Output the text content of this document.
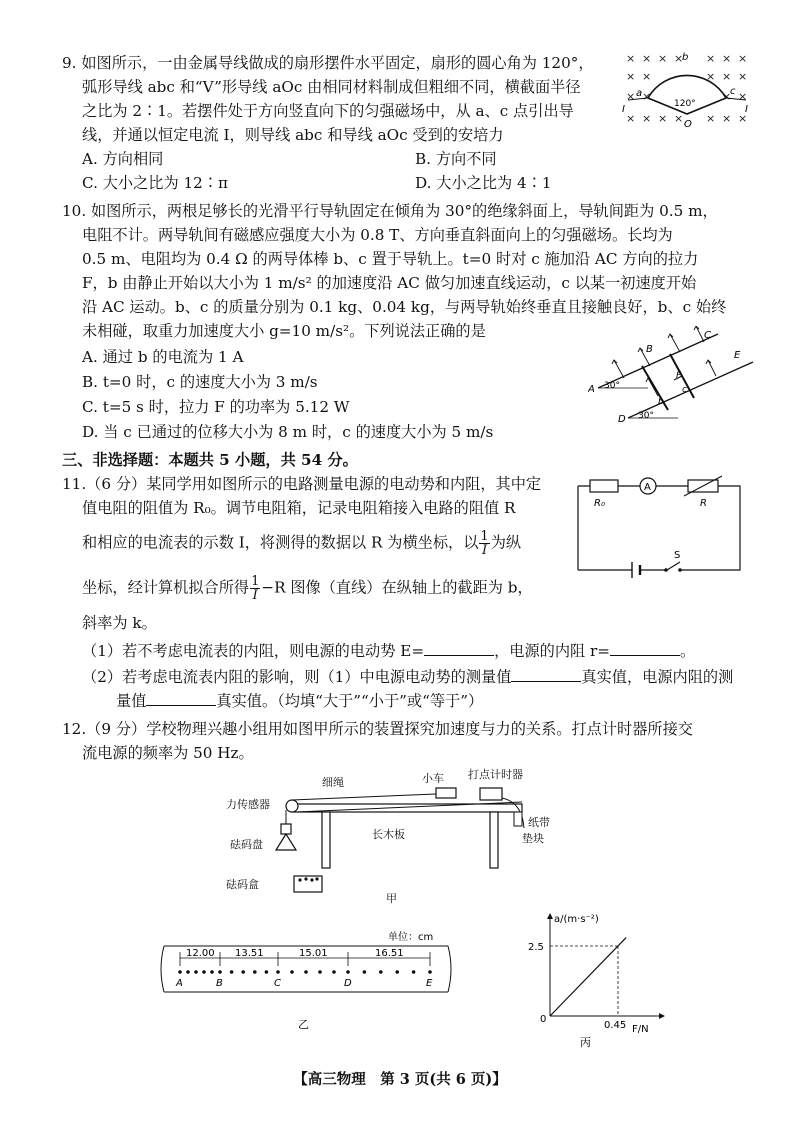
9. 如图所示，一由金属导线做成的扇形摆件水平固定，扇形的圆心角为 120°，
弧形导线 abc 和“V”形导线 aOc 由相同材料制成但粗细不同，横截面半径
之比为 2∶1。若摆件处于方向竖直向下的匀强磁场中，从 a、c 点引出导
线，并通以恒定电流 I，则导线 abc 和导线 aOc 受到的安培力
A. 方向相同	B. 方向不同
C. 大小之比为 12∶π	D. 大小之比为 4∶1
× × × × × × ×
× ×	× × ×
× ×	× ×
× × × × × × ×
a
b
c
O
120°
I	I
10. 如图所示，两根足够长的光滑平行导轨固定在倾角为 30°的绝缘斜面上，导轨间距为 0.5 m，
电阻不计。两导轨间有磁感应强度大小为 0.8 T、方向垂直斜面向上的匀强磁场。长均为
0.5 m、电阻均为 0.4 Ω 的两导体棒 b、c 置于导轨上。t=0 时对 c 施加沿 AC 方向的拉力
F，b 由静止开始以大小为 1 m/s² 的加速度沿 AC 做匀加速直线运动，c 以某一初速度开始
沿 AC 运动。b、c 的质量分别为 0.1 kg、0.04 kg，与两导轨始终垂直且接触良好，b、c 始终
未相碰，取重力加速度大小 g=10 m/s²。下列说法正确的是
A. 通过 b 的电流为 1 A
B. t=0 时，c 的速度大小为 3 m/s
C. t=5 s 时，拉力 F 的功率为 5.12 W
D. 当 c 已通过的位移大小为 8 m 时，c 的速度大小为 5 m/s
A
B
C
D
E
F
b
c
30°
30°
三、非选择题：本题共 5 小题，共 54 分。
11.（6 分）某同学用如图所示的电路测量电源的电动势和内阻，其中定
值电阻的阻值为 R₀。调节电阻箱，记录电阻箱接入电路的阻值 R
和相应的电流表的示数 I，将测得的数据以 R 为横坐标，以 $\frac{1}{I}$ 为纵
坐标，经计算机拟合所得 $\frac{1}{I} -R$ 图像（直线）在纵轴上的截距为 b，
斜率为 k。
（1）若不考虑电流表的内阻，则电源的电动势 E=	，电源的内阻 r=	。
（2）若考虑电流表内阻的影响，则（1）中电源电动势的测量值	真实值，电源内阻的测
量值	真实值。（均填“大于”“小于”或“等于”）
R₀
A
R
S
12.（9 分）学校物理兴趣小组用如图甲所示的装置探究加速度与力的关系。打点计时器所接交
流电源的频率为 50 Hz。
细绳	小车 打点计时器
力传感器
纸带
砝码盘
长木板	垫块
砝码盒
甲
单位：cm
A	B	C	D	E
12.00 13.51	15.01	16.51
乙
a/(m·s⁻²)
F/N
0
0.45
2.5
丙
【高三物理　第 3 页(共 6 页)】
